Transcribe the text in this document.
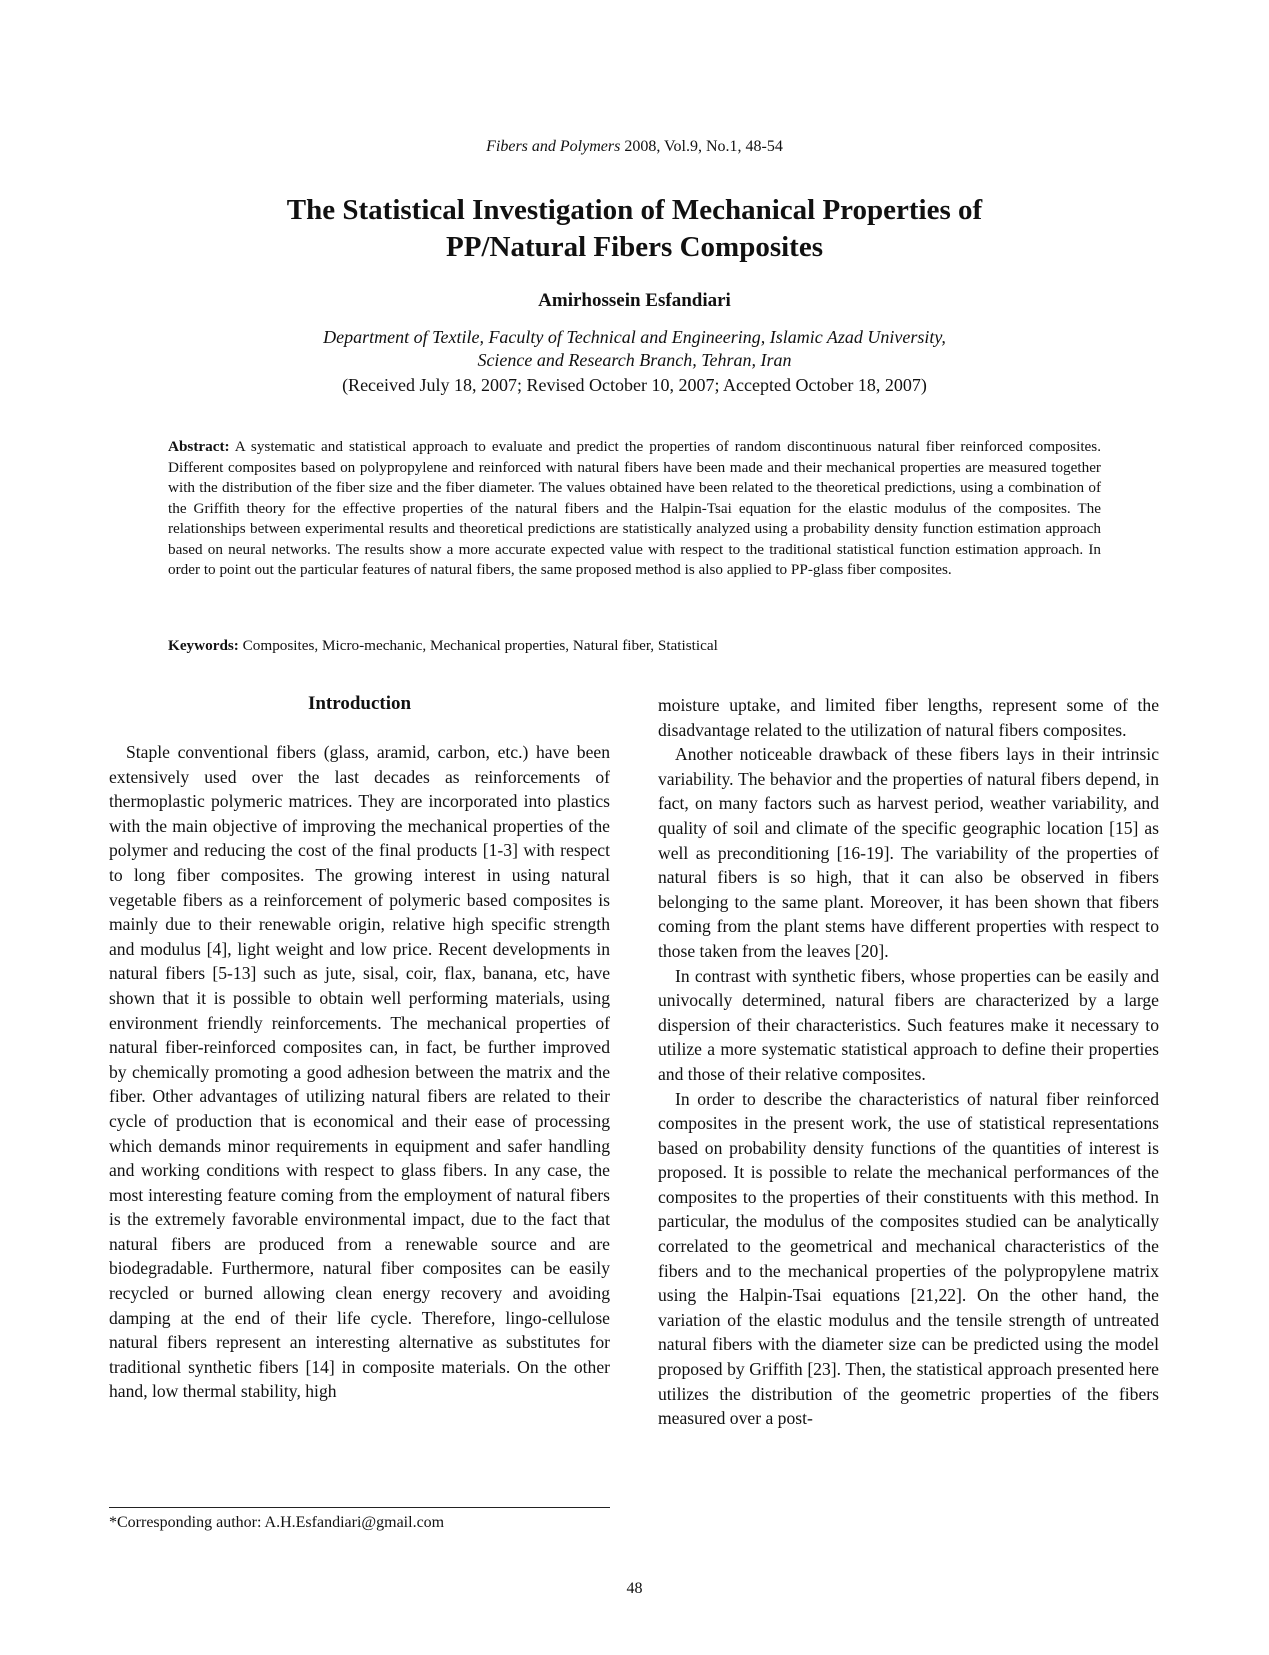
Fibers and Polymers 2008, Vol.9, No.1, 48-54
The Statistical Investigation of Mechanical Properties of
PP/Natural Fibers Composites
Amirhossein Esfandiari
Department of Textile, Faculty of Technical and Engineering, Islamic Azad University,
Science and Research Branch, Tehran, Iran
(Received July 18, 2007; Revised October 10, 2007; Accepted October 18, 2007)
Abstract: A systematic and statistical approach to evaluate and predict the properties of random discontinuous natural fiber reinforced composites. Different composites based on polypropylene and reinforced with natural fibers have been made and their mechanical properties are measured together with the distribution of the fiber size and the fiber diameter. The values obtained have been related to the theoretical predictions, using a combination of the Griffith theory for the effective properties of the natural fibers and the Halpin-Tsai equation for the elastic modulus of the composites. The relationships between experimental results and theoretical predictions are statistically analyzed using a probability density function estimation approach based on neural networks. The results show a more accurate expected value with respect to the traditional statistical function estimation approach. In order to point out the particular features of natural fibers, the same proposed method is also applied to PP-glass fiber composites.
Keywords: Composites, Micro-mechanic, Mechanical properties, Natural fiber, Statistical
Introduction

Staple conventional fibers (glass, aramid, carbon, etc.) have been extensively used over the last decades as reinforcements of thermoplastic polymeric matrices. They are incorporated into plastics with the main objective of improving the mechanical properties of the polymer and reducing the cost of the final products [1-3] with respect to long fiber composites. The growing interest in using natural vegetable fibers as a reinforcement of polymeric based composites is mainly due to their renewable origin, relative high specific strength and modulus [4], light weight and low price. Recent developments in natural fibers [5-13] such as jute, sisal, coir, flax, banana, etc, have shown that it is possible to obtain well performing materials, using environment friendly reinforcements. The mechanical properties of natural fiber-reinforced composites can, in fact, be further improved by chemically promoting a good adhesion between the matrix and the fiber. Other advantages of utilizing natural fibers are related to their cycle of production that is economical and their ease of processing which demands minor requirements in equipment and safer handling and working conditions with respect to glass fibers. In any case, the most interesting feature coming from the employment of natural fibers is the extremely favorable environmental impact, due to the fact that natural fibers are produced from a renewable source and are biodegradable. Furthermore, natural fiber composites can be easily recycled or burned allowing clean energy recovery and avoiding damping at the end of their life cycle. Therefore, lingo-cellulose natural fibers represent an interesting alternative as substitutes for traditional synthetic fibers [14] in composite materials. On the other hand, low thermal stability, high

moisture uptake, and limited fiber lengths, represent some of the disadvantage related to the utilization of natural fibers composites.

Another noticeable drawback of these fibers lays in their intrinsic variability. The behavior and the properties of natural fibers depend, in fact, on many factors such as harvest period, weather variability, and quality of soil and climate of the specific geographic location [15] as well as preconditioning [16-19]. The variability of the properties of natural fibers is so high, that it can also be observed in fibers belonging to the same plant. Moreover, it has been shown that fibers coming from the plant stems have different properties with respect to those taken from the leaves [20].

In contrast with synthetic fibers, whose properties can be easily and univocally determined, natural fibers are characterized by a large dispersion of their characteristics. Such features make it necessary to utilize a more systematic statistical approach to define their properties and those of their relative composites.

In order to describe the characteristics of natural fiber reinforced composites in the present work, the use of statistical representations based on probability density functions of the quantities of interest is proposed. It is possible to relate the mechanical performances of the composites to the properties of their constituents with this method. In particular, the modulus of the composites studied can be analytically correlated to the geometrical and mechanical characteristics of the fibers and to the mechanical properties of the polypropylene matrix using the Halpin-Tsai equations [21,22]. On the other hand, the variation of the elastic modulus and the tensile strength of untreated natural fibers with the diameter size can be predicted using the model proposed by Griffith [23]. Then, the statistical approach presented here utilizes the distribution of the geometric properties of the fibers measured over a post-

*Corresponding author: A.H.Esfandiari@gmail.com
48
